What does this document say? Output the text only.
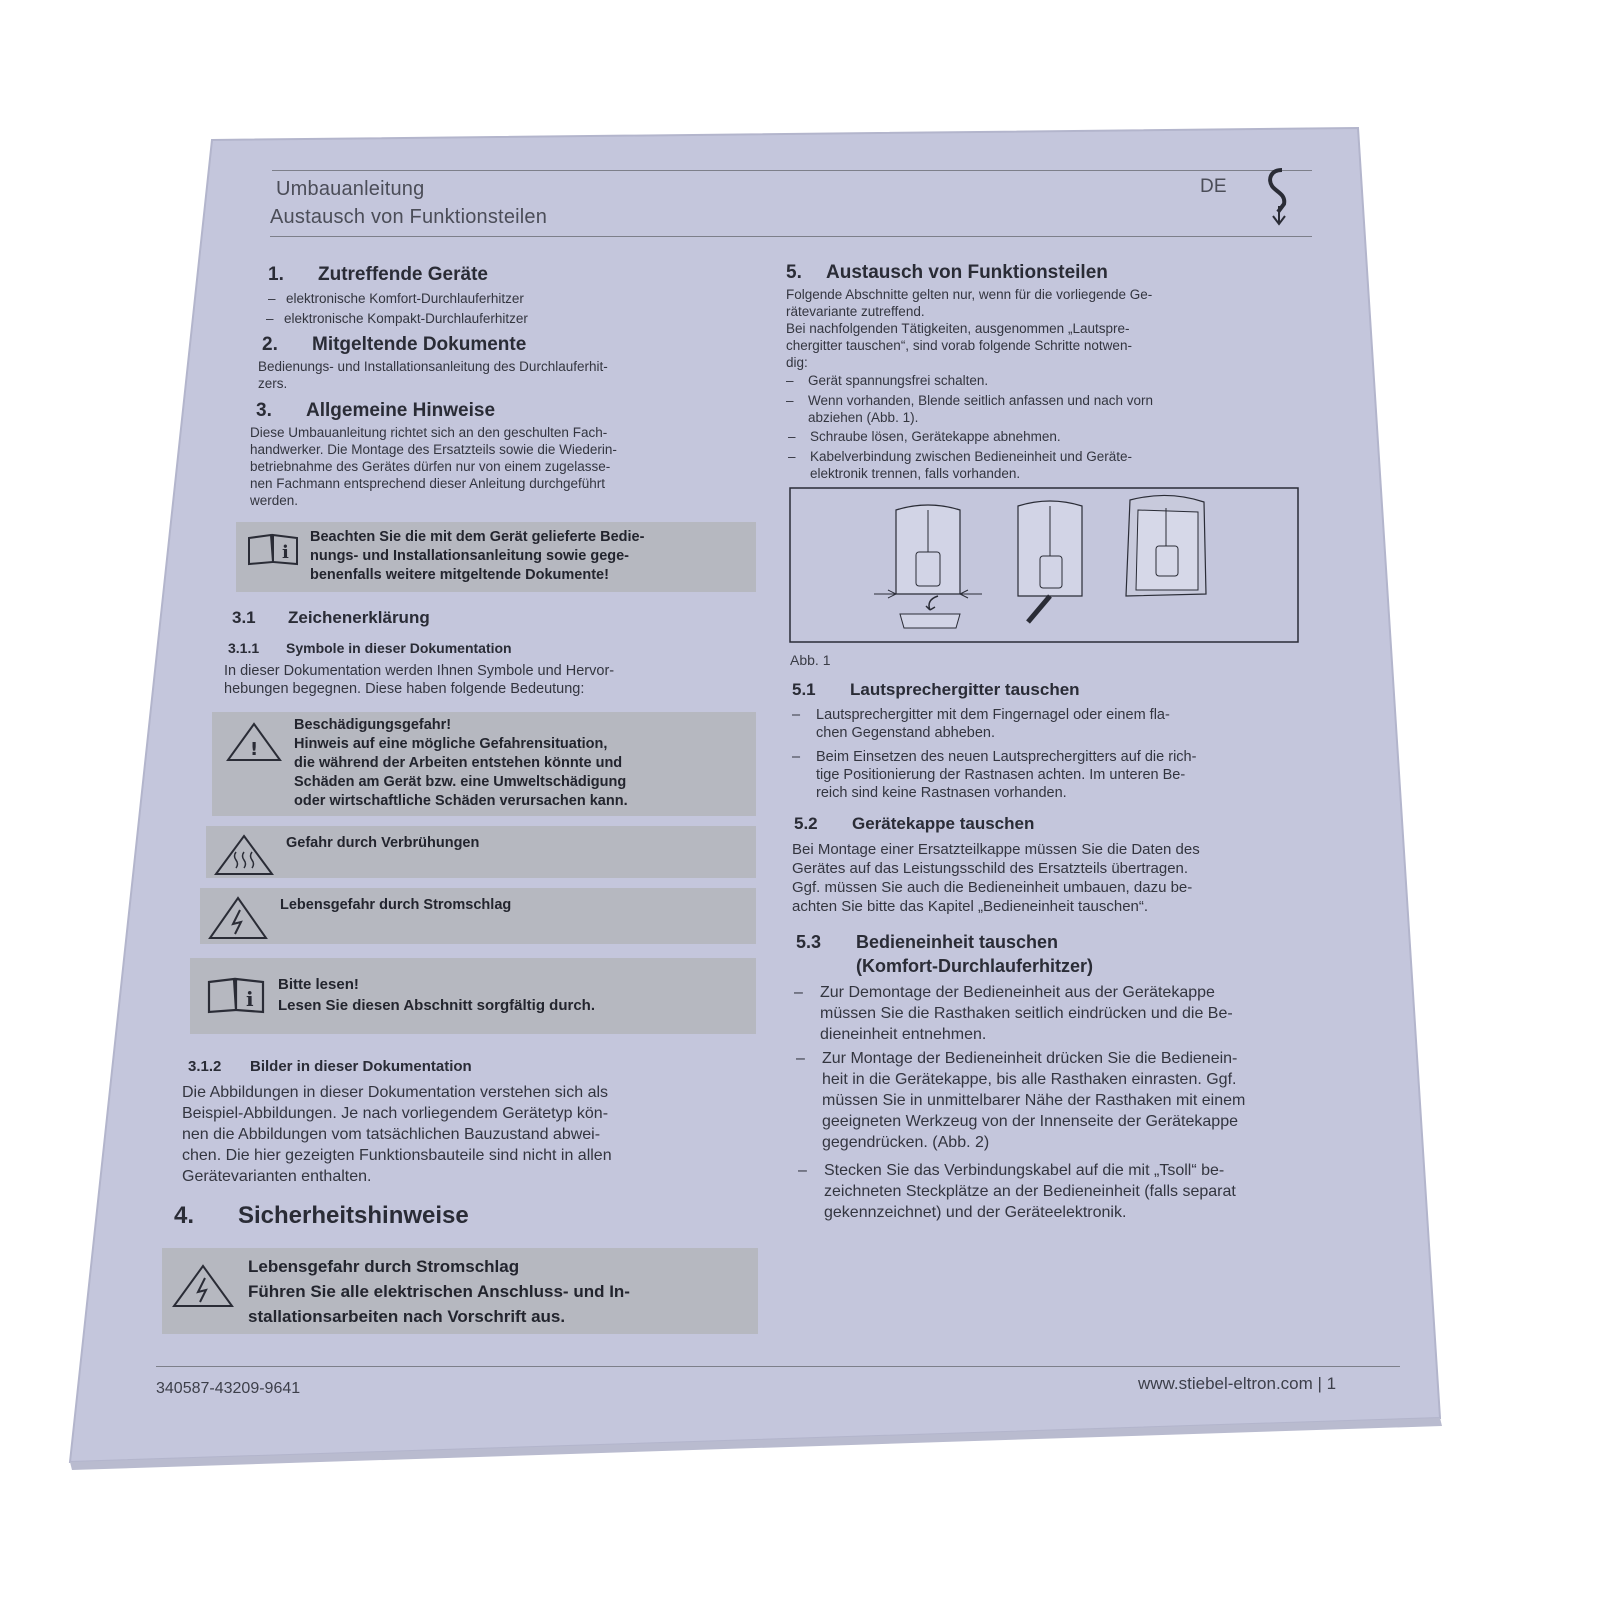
Umbauanleitung
Austausch von Funktionsteilen
DE
1. Zutreffende Geräte
– elektronische Komfort-Durchlauferhitzer
– elektronische Kompakt-Durchlauferhitzer
2. Mitgeltende Dokumente
Bedienungs- und Installationsanleitung des Durchlauferhit-
zers.
3. Allgemeine Hinweise
Diese Umbauanleitung richtet sich an den geschulten Fach-
handwerker. Die Montage des Ersatzteils sowie die Wiederin-
betriebnahme des Gerätes dürfen nur von einem zugelasse-
nen Fachmann entsprechend dieser Anleitung durchgeführt
werden.
i
Beachten Sie die mit dem Gerät gelieferte Bedie-
nungs- und Installationsanleitung sowie gege-
benenfalls weitere mitgeltende Dokumente!
3.1 Zeichenerklärung
3.1.1 Symbole in dieser Dokumentation
In dieser Dokumentation werden Ihnen Symbole und Hervor-
hebungen begegnen. Diese haben folgende Bedeutung:
!
Beschädigungsgefahr!
Hinweis auf eine mögliche Gefahrensituation,
die während der Arbeiten entstehen könnte und
Schäden am Gerät bzw. eine Umweltschädigung
oder wirtschaftliche Schäden verursachen kann.
Gefahr durch Verbrühungen
Lebensgefahr durch Stromschlag
i
Bitte lesen!
Lesen Sie diesen Abschnitt sorgfältig durch.
3.1.2 Bilder in dieser Dokumentation
Die Abbildungen in dieser Dokumentation verstehen sich als
Beispiel-Abbildungen. Je nach vorliegendem Gerätetyp kön-
nen die Abbildungen vom tatsächlichen Bauzustand abwei-
chen. Die hier gezeigten Funktionsbauteile sind nicht in allen
Gerätevarianten enthalten.
4. Sicherheitshinweise
Lebensgefahr durch Stromschlag
Führen Sie alle elektrischen Anschluss- und In-
stallationsarbeiten nach Vorschrift aus.
5. Austausch von Funktionsteilen
Folgende Abschnitte gelten nur, wenn für die vorliegende Ge-
rätevariante zutreffend.
Bei nachfolgenden Tätigkeiten, ausgenommen „Lautspre-
chergitter tauschen“, sind vorab folgende Schritte notwen-
dig:
– Gerät spannungsfrei schalten.
– Wenn vorhanden, Blende seitlich anfassen und nach vorn
abziehen (Abb. 1).
– Schraube lösen, Gerätekappe abnehmen.
– Kabelverbindung zwischen Bedieneinheit und Geräte-
elektronik trennen, falls vorhanden.
Abb. 1
5.1 Lautsprechergitter tauschen
– Lautsprechergitter mit dem Fingernagel oder einem fla-
chen Gegenstand abheben.
– Beim Einsetzen des neuen Lautsprechergitters auf die rich-
tige Positionierung der Rastnasen achten. Im unteren Be-
reich sind keine Rastnasen vorhanden.
5.2 Gerätekappe tauschen
Bei Montage einer Ersatzteilkappe müssen Sie die Daten des
Gerätes auf das Leistungsschild des Ersatzteils übertragen.
Ggf. müssen Sie auch die Bedieneinheit umbauen, dazu be-
achten Sie bitte das Kapitel „Bedieneinheit tauschen“.
5.3 Bedieneinheit tauschen
(Komfort-Durchlauferhitzer)
– Zur Demontage der Bedieneinheit aus der Gerätekappe
müssen Sie die Rasthaken seitlich eindrücken und die Be-
dieneinheit entnehmen.
– Zur Montage der Bedieneinheit drücken Sie die Bedienein-
heit in die Gerätekappe, bis alle Rasthaken einrasten. Ggf.
müssen Sie in unmittelbarer Nähe der Rasthaken mit einem
geeigneten Werkzeug von der Innenseite der Gerätekappe
gegendrücken. (Abb. 2)
– Stecken Sie das Verbindungskabel auf die mit „Tsoll“ be-
zeichneten Steckplätze an der Bedieneinheit (falls separat
gekennzeichnet) und der Geräteelektronik.
340587-43209-9641	www.stiebel-eltron.com | 1
